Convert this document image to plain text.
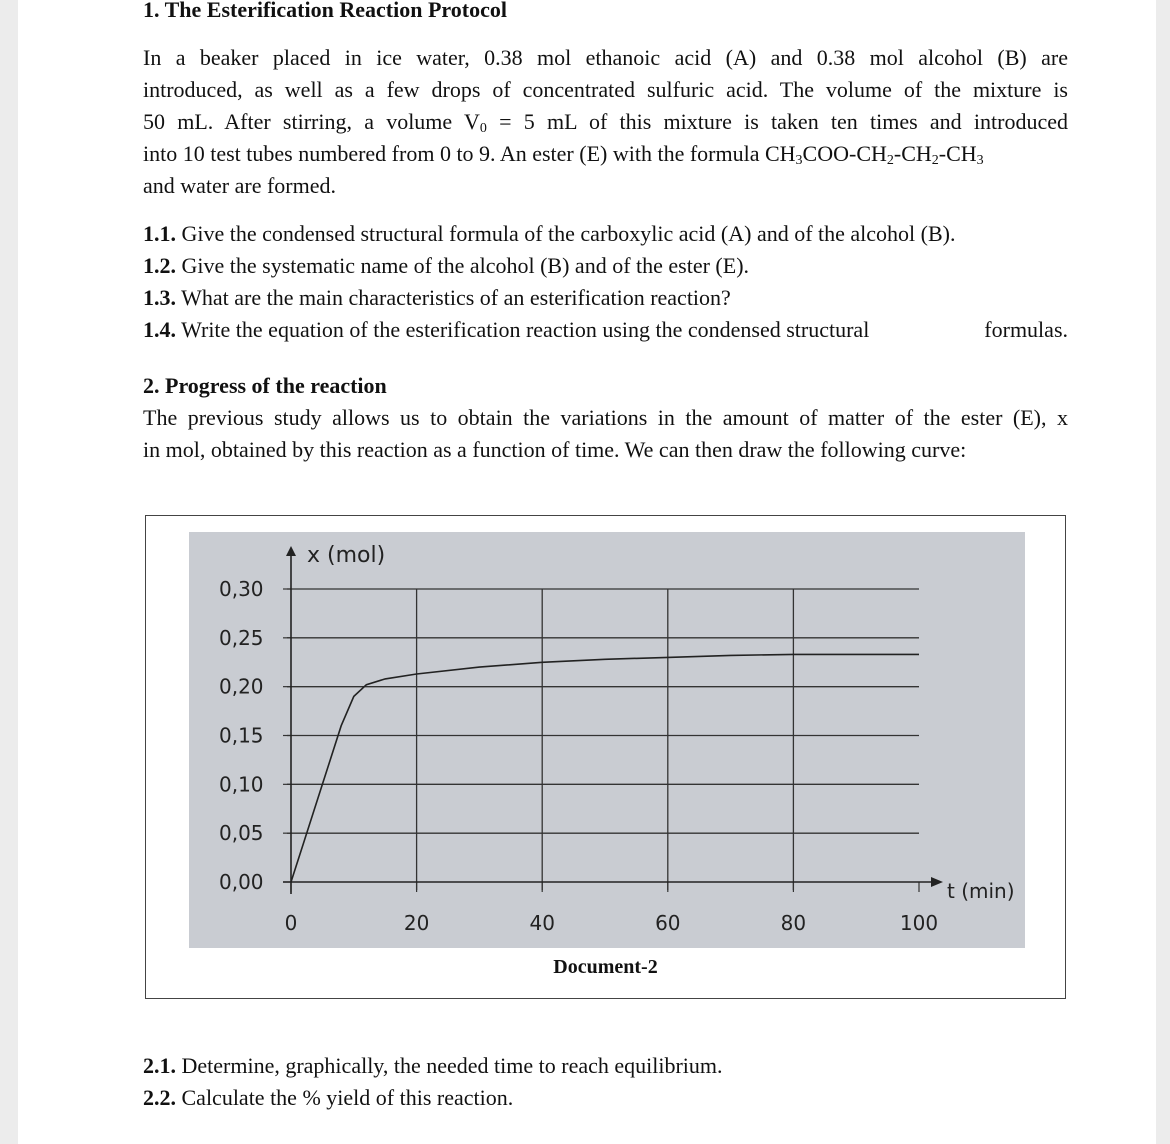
1. The Esterification Reaction Protocol
In a beaker placed in ice water, 0.38 mol ethanoic acid (A) and 0.38 mol alcohol (B) are
introduced, as well as a few drops of concentrated sulfuric acid. The volume of the mixture is
50 mL. After stirring, a volume $V_0 = 5$ mL of this mixture is taken ten times and introduced
into 10 test tubes numbered from 0 to 9. An ester (E) with the formula $CH_3COO-CH_2-CH_2-CH_3$
and water are formed.
1.1. Give the condensed structural formula of the carboxylic acid (A) and of the alcohol (B).
1.2. Give the systematic name of the alcohol (B) and of the ester (E).
1.3. What are the main characteristics of an esterification reaction?
1.4. Write the equation of the esterification reaction using the condensed structural	formulas.
2. Progress of the reaction
The previous study allows us to obtain the variations in the amount of matter of the ester (E), x
in mol, obtained by this reaction as a function of time. We can then draw the following curve:
2.1. Determine, graphically, the needed time to reach equilibrium.
2.2. Calculate the % yield of this reaction.
0,30
0,25
0,20
0,15
0,10
0,05
0,00
0	20	40	60	80	100
x (mol)
t (min)
Document-2
